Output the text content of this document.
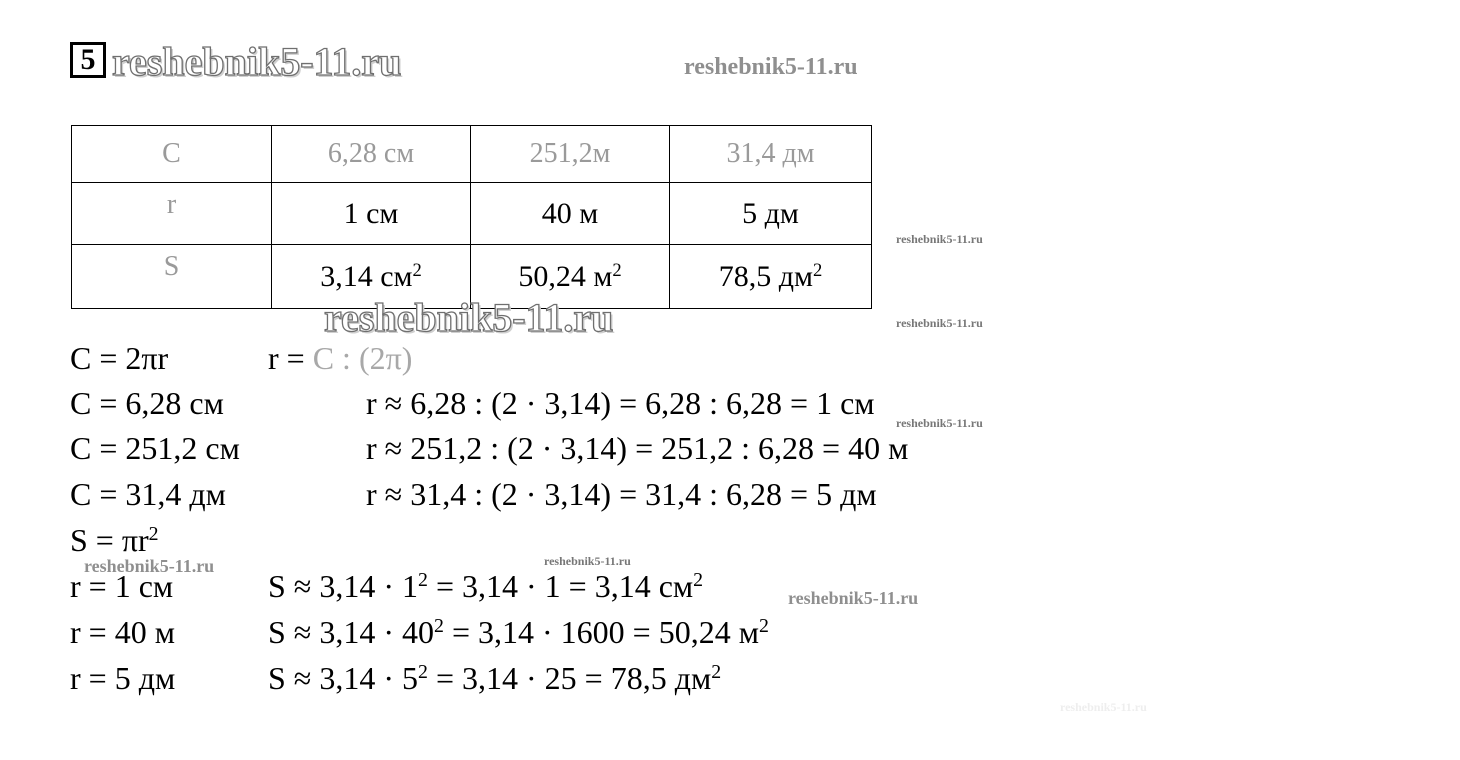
5 reshebnik5-11.ru	reshebnik5-11.ru
C	6,28 см	251,2м	31,4 дм
r	1 см	40 м	5 дм
S	3,14 $см^2$	50,24 $м^2$	78,5 $дм^2$
reshebnik5-11.ru
reshebnik5-11.ru
reshebnik5-11.ru
reshebnik5-11.ru
C = 2πr	r = C : (2π)
C = 6,28 см	r ≈ 6,28 : (2 · 3,14) = 6,28 : 6,28 = 1 см
C = 251,2 см	r ≈ 251,2 : (2 · 3,14) = 251,2 : 6,28 = 40 м
C = 31,4 дм	r ≈ 31,4 : (2 · 3,14) = 31,4 : 6,28 = 5 дм
$S = \pi r^2$
reshebnik5-11.ru	reshebnik5-11.ru
r = 1 см	$S \approx 3,14 \cdot 1^2 = 3,14 \cdot 1 = 3,14$ $см^2$
reshebnik5-11.ru
r = 40 м	$S \approx 3,14 \cdot 40^2 = 3,14 \cdot 1600 = 50,24$ $м^2$
r = 5 дм	$S \approx 3,14 \cdot 5^2 = 3,14 \cdot 25 = 78,5$ $дм^2$
reshebnik5-11.ru
